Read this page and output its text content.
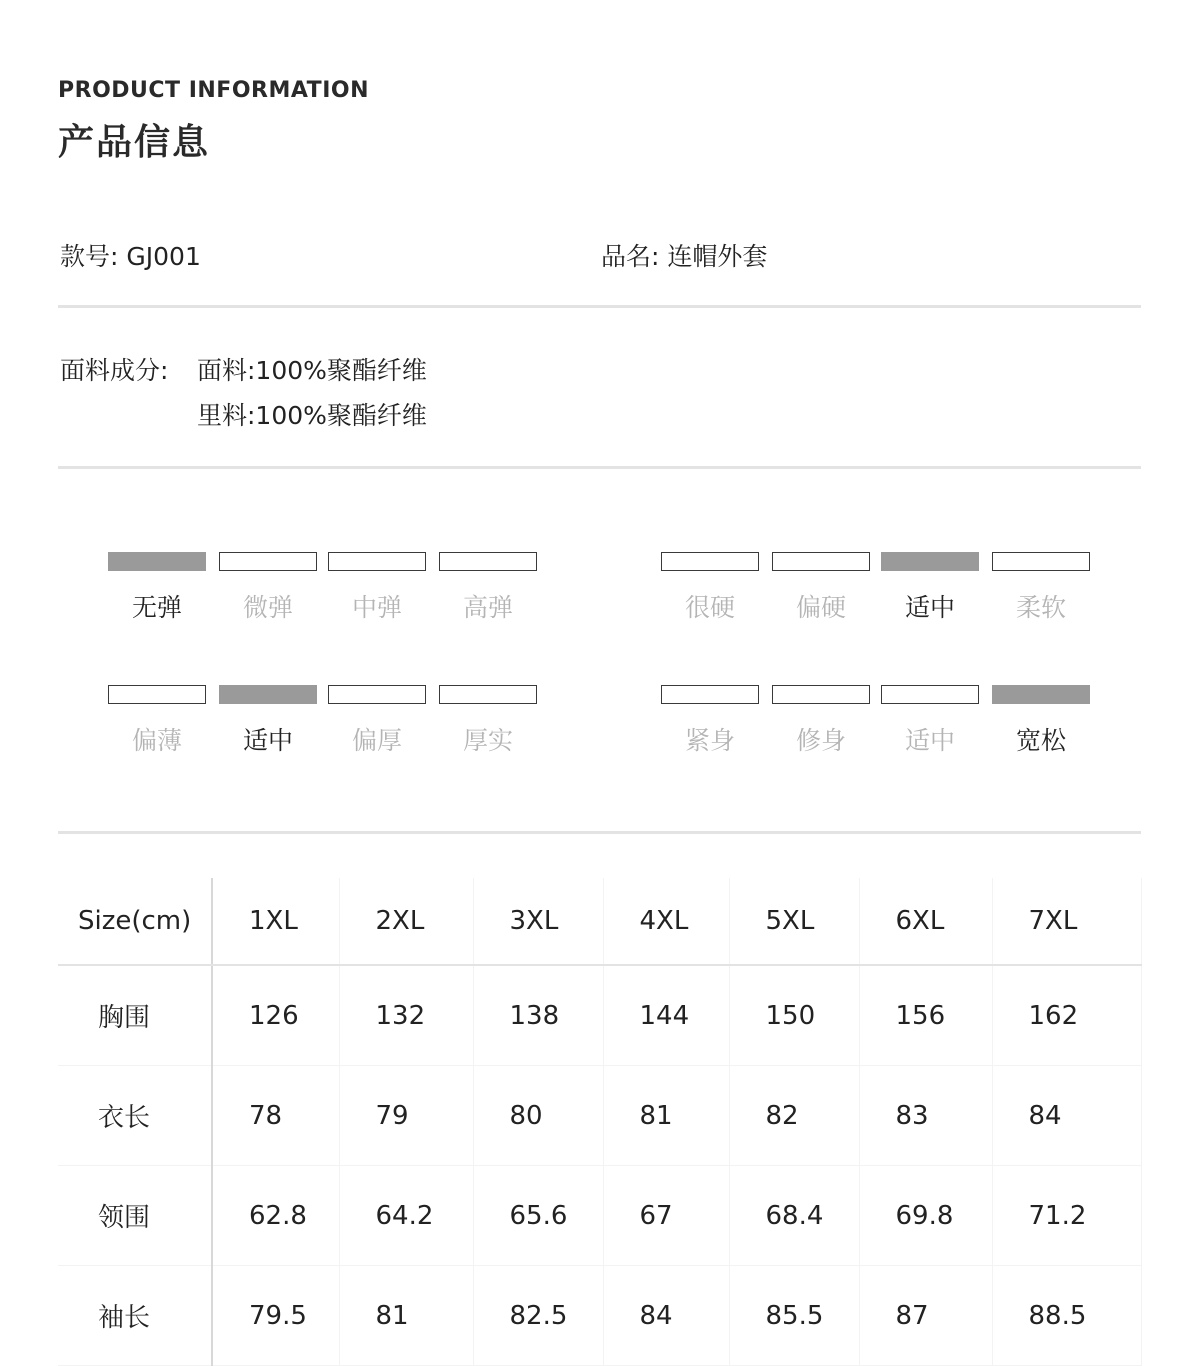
PRODUCT INFORMATION
产品信息
款号: GJ001	品名: 连帽外套
面料成分: 面料:100%聚酯纤维
里料:100%聚酯纤维
无弹	微弹	中弹	高弹	很硬	偏硬	适中	柔软
偏薄	适中	偏厚	厚实	紧身	修身	适中	宽松
Size(cm)	1XL	2XL	3XL	4XL	5XL	6XL	7XL
胸围	126	132	138	144	150	156	162
衣长	78	79	80	81	82	83	84
领围	62.8	64.2	65.6	67	68.4	69.8	71.2
袖长	79.5	81	82.5	84	85.5	87	88.5
